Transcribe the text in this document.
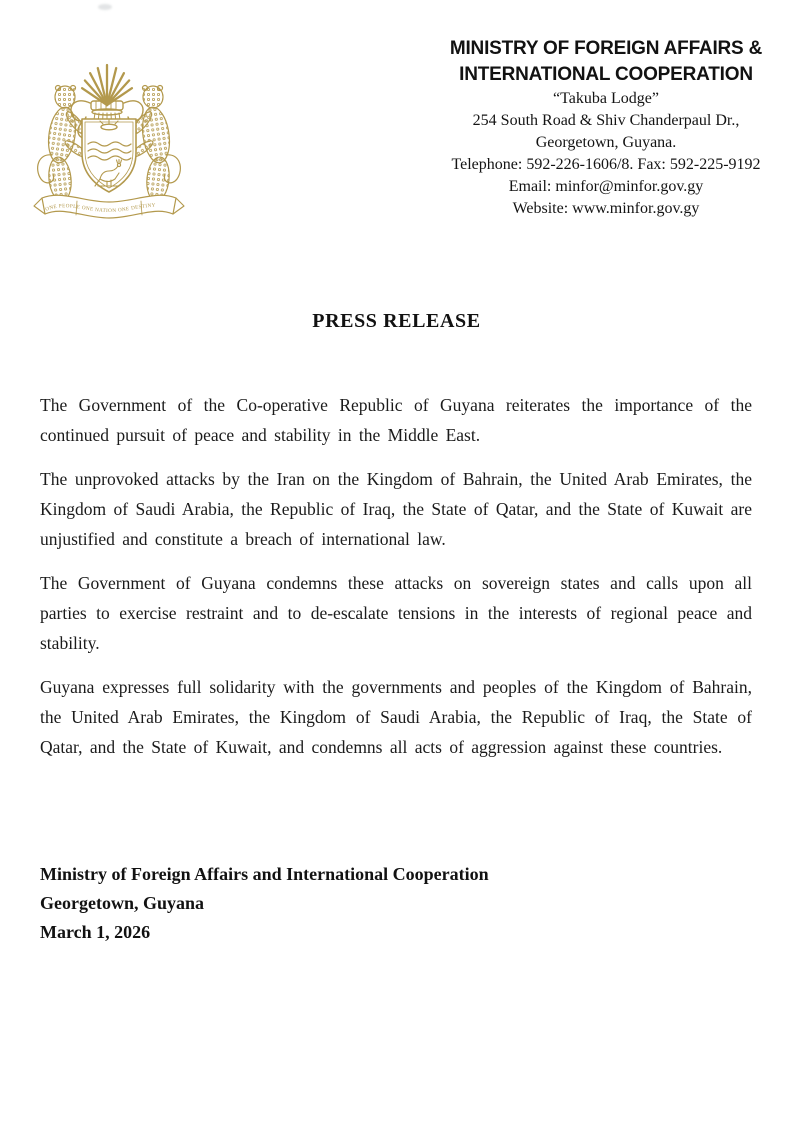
ONE PEOPLE ONE NATION ONE DESTINY
MINISTRY OF FOREIGN AFFAIRS &
INTERNATIONAL COOPERATION
“Takuba Lodge”
254 South Road & Shiv Chanderpaul Dr.,
Georgetown, Guyana.
Telephone: 592-226-1606/8. Fax: 592-225-9192
Email: minfor@minfor.gov.gy
Website: www.minfor.gov.gy
PRESS RELEASE

The Government of the Co-operative Republic of Guyana reiterates the importance of the continued pursuit of peace and stability in the Middle East.

The unprovoked attacks by the Iran on the Kingdom of Bahrain, the United Arab Emirates, the Kingdom of Saudi Arabia, the Republic of Iraq, the State of Qatar, and the State of Kuwait are unjustified and constitute a breach of international law.

The Government of Guyana condemns these attacks on sovereign states and calls upon all parties to exercise restraint and to de-escalate tensions in the interests of regional peace and stability.

Guyana expresses full solidarity with the governments and peoples of the Kingdom of Bahrain, the United Arab Emirates, the Kingdom of Saudi Arabia, the Republic of Iraq, the State of Qatar, and the State of Kuwait, and condemns all acts of aggression against these countries.

Ministry of Foreign Affairs and International Cooperation
Georgetown, Guyana
March 1, 2026
